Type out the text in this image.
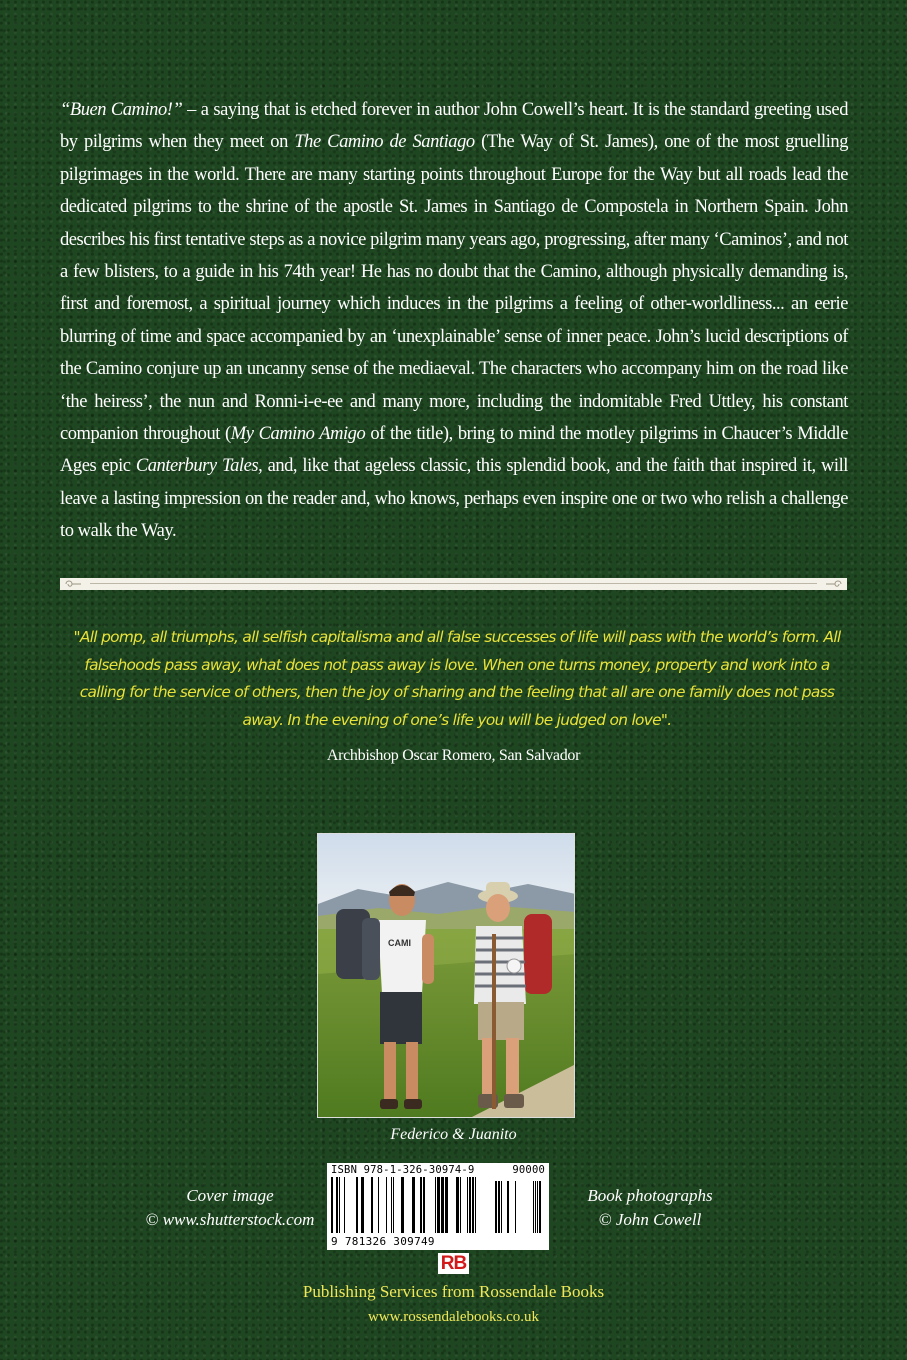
“Buen Camino!” – a saying that is etched forever in author John Cowell’s heart. It is the standard greeting used by pilgrims when they meet on The Camino de Santiago (The Way of St. James), one of the most gruelling pilgrimages in the world. There are many starting points throughout Europe for the Way but all roads lead the dedicated pilgrims to the shrine of the apostle St. James in Santiago de Compostela in Northern Spain. John describes his first tentative steps as a novice pilgrim many years ago, progressing, after many ‘Caminos’, and not a few blisters, to a guide in his 74th year! He has no doubt that the Camino, although physically demanding is, first and foremost, a spiritual journey which induces in the pilgrims a feeling of other-worldliness... an eerie blurring of time and space accompanied by an ‘unexplainable’ sense of inner peace. John’s lucid descriptions of the Camino conjure up an uncanny sense of the mediaeval. The characters who accompany him on the road like ‘the heiress’, the nun and Ronni-i-e-ee and many more, including the indomitable Fred Uttley, his constant companion throughout (My Camino Amigo of the title), bring to mind the motley pilgrims in Chaucer’s Middle Ages epic Canterbury Tales, and, like that ageless classic, this splendid book, and the faith that inspired it, will leave a lasting impression on the reader and, who knows, perhaps even inspire one or two who relish a challenge to walk the Way.

"All pomp, all triumphs, all selfish capitalisma and all false successes of life will pass with the world’s form. All falsehoods pass away, what does not pass away is love. When one turns money, property and work into a calling for the service of others, then the joy of sharing and the feeling that all are one family does not pass away. In the evening of one’s life you will be judged on love".

Archbishop Oscar Romero, San Salvador
CAMI
Federico & Juanito
Cover image
© www.shutterstock.com
Book photographs
© John Cowell
ISBN 978-1-326-30974-9	90000
9 781326 309749
RB
Publishing Services from Rossendale Books
www.rossendalebooks.co.uk
